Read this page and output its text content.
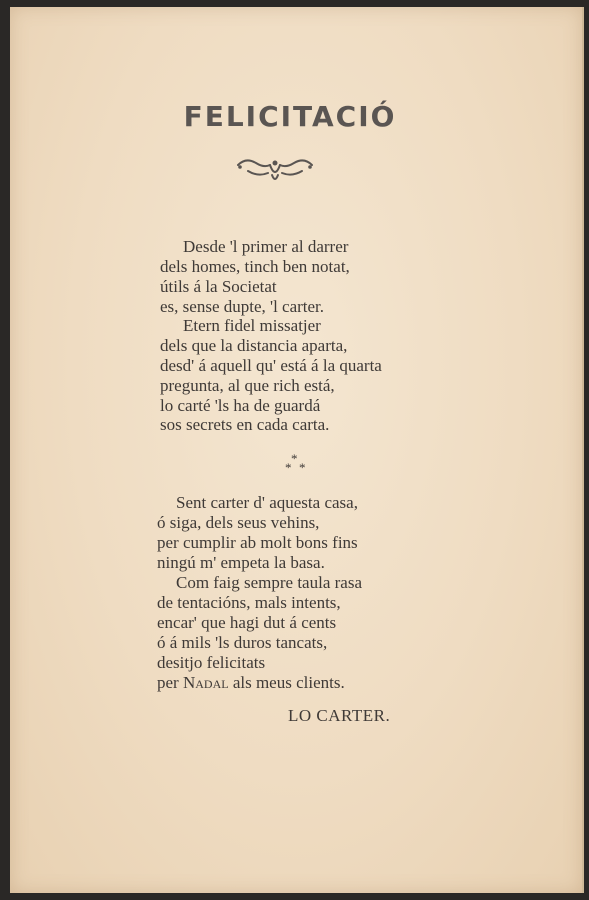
FELICITACIÓ
Desde 'l primer al darrer
dels homes, tinch ben notat,
útils á la Societat
es, sense dupte, 'l carter.
Etern fidel missatjer
dels que la distancia aparta,
desd' á aquell qu' está á la quarta
pregunta, al que rich está,
lo carté 'ls ha de guardá
sos secrets en cada carta.
Sent carter d' aquesta casa,
ó siga, dels seus vehins,
per cumplir ab molt bons fins
ningú m' empeta la basa.
Com faig sempre taula rasa
de tentacións, mals intents,
encar' que hagi dut á cents
ó á mils 'ls duros tancats,
desitjo felicitats
per Nadal als meus clients.
*
* *
LO CARTER.
